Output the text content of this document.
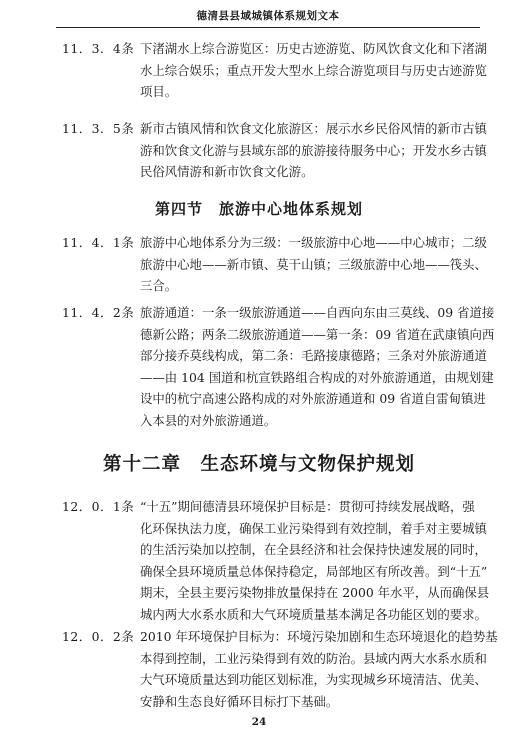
德清县县域城镇体系规划文本
11．3．4条 下渚湖水上综合游览区：历史古迹游览、防风饮食文化和下渚湖
水上综合娱乐；重点开发大型水上综合游览项目与历史古迹游览
项目。
11．3．5条 新市古镇风情和饮食文化旅游区：展示水乡民俗风情的新市古镇
游和饮食文化游与县域东部的旅游接待服务中心；开发水乡古镇
民俗风情游和新市饮食文化游。
第四节　旅游中心地体系规划
11．4．1条 旅游中心地体系分为三级：一级旅游中心地——中心城市；二级
旅游中心地——新市镇、莫干山镇；三级旅游中心地——筏头、
三合。
11．4．2条 旅游通道：一条一级旅游通道——自西向东由三莫线、09 省道接
德新公路；两条二级旅游通道——第一条：09 省道在武康镇向西
部分接乔莫线构成，第二条：毛路接康德路；三条对外旅游通道
——由 104 国道和杭宣铁路组合构成的对外旅游通道，由规划建
设中的杭宁高速公路构成的对外旅游通道和 09 省道自雷甸镇进
入本县的对外旅游通道。
第十二章　生态环境与文物保护规划
12．0．1条 “十五”期间德清县环境保护目标是：贯彻可持续发展战略，强
化环保执法力度，确保工业污染得到有效控制，着手对主要城镇
的生活污染加以控制，在全县经济和社会保持快速发展的同时，
确保全县环境质量总体保持稳定，局部地区有所改善。到“十五”
期末，全县主要污染物排放量保持在 2000 年水平，从而确保县
城内两大水系水质和大气环境质量基本满足各功能区划的要求。
12．0．2条 2010 年环境保护目标为：环境污染加剧和生态环境退化的趋势基
本得到控制，工业污染得到有效的防治。县域内两大水系水质和
大气环境质量达到功能区划标准，为实现城乡环境清洁、优美、
安静和生态良好循环目标打下基础。
24
